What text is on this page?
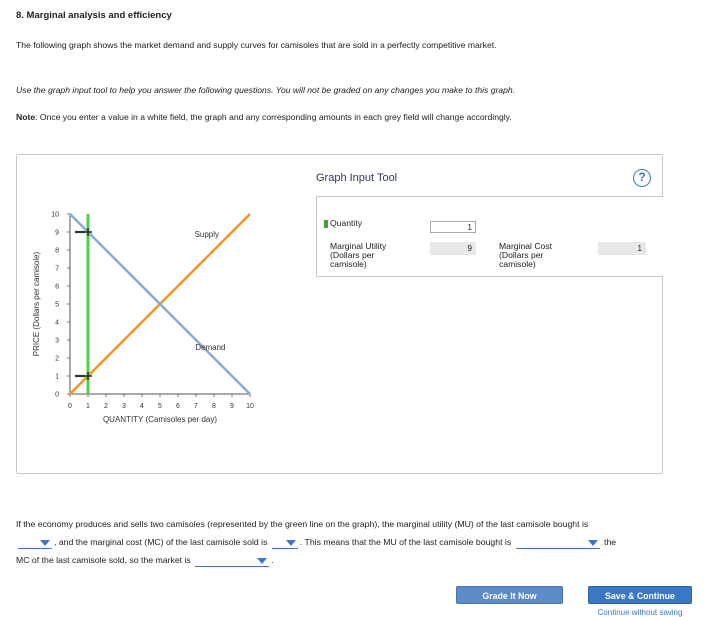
8. Marginal analysis and efficiency
The following graph shows the market demand and supply curves for camisoles that are sold in a perfectly competitive market.
Use the graph input tool to help you answer the following questions. You will not be graded on any changes you make to this graph.
Note: Once you enter a value in a white field, the graph and any corresponding amounts in each grey field will change accordingly.
0 1 2 3 4 5 6 7 8 9 10
0
1
2
3
4
5
6
7
8
9
10
QUANTITY (Camisoles per day)
PRICE (Dollars per camisole)
Supply
Demand
Graph Input Tool	?
Quantity
1
Marginal Utility
(Dollars per
camisole)
9	Marginal Cost
(Dollars per
camisole)
1
If the economy produces and sells two camisoles (represented by the green line on the graph), the marginal utility (MU) of the last camisole bought is

, and the marginal cost (MC) of the last camisole sold is	. This means that the MU of the last camisole bought is	the
MC of the last camisole sold, so the market is	.
Grade It Now	Save & Continue
Continue without saving
